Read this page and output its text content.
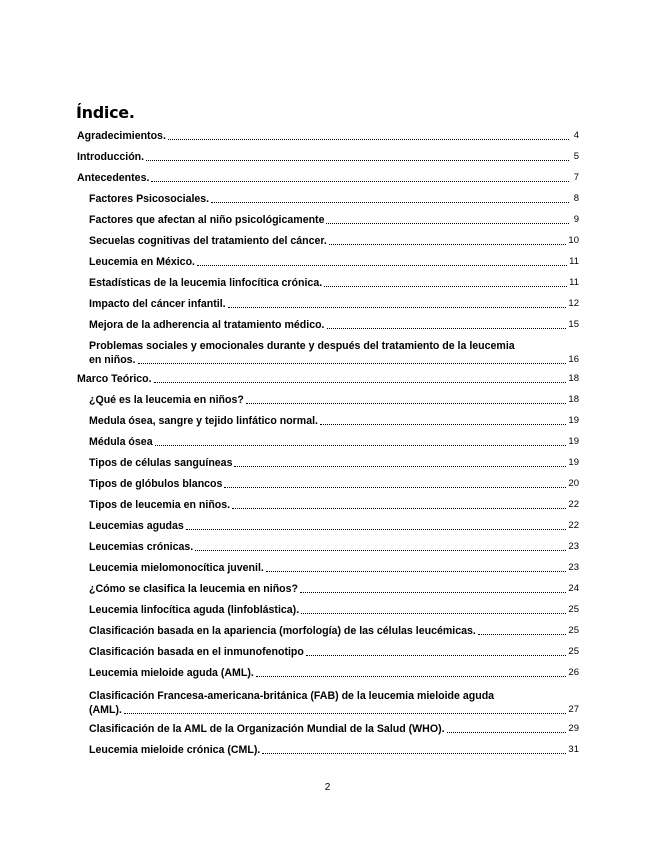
Índice.
Agradecimientos.	4
Introducción.	5
Antecedentes.	7
Factores Psicosociales.	8
Factores que afectan al niño psicológicamente	9
Secuelas cognitivas del tratamiento del cáncer.	10
Leucemia en México.	11
Estadísticas de la leucemia linfocítica crónica.	11
Impacto del cáncer infantil.	12
Mejora de la adherencia al tratamiento médico.	15
Problemas sociales y emocionales durante y después del tratamiento de la leucemia
en niños.	16
Marco Teórico.	18
¿Qué es la leucemia en niños?	18
Medula ósea, sangre y tejido linfático normal.	19
Médula ósea	19
Tipos de células sanguíneas	19
Tipos de glóbulos blancos	20
Tipos de leucemia en niños.	22
Leucemias agudas	22
Leucemias crónicas.	23
Leucemia mielomonocítica juvenil.	23
¿Cómo se clasifica la leucemia en niños?	24
Leucemia linfocítica aguda (linfoblástica).	25
Clasificación basada en la apariencia (morfología) de las células leucémicas.	25
Clasificación basada en el inmunofenotipo	25
Leucemia mieloide aguda (AML).	26
Clasificación Francesa-americana-británica (FAB) de la leucemia mieloide aguda
(AML).	27
Clasificación de la AML de la Organización Mundial de la Salud (WHO).	29
Leucemia mieloide crónica (CML).	31
2
